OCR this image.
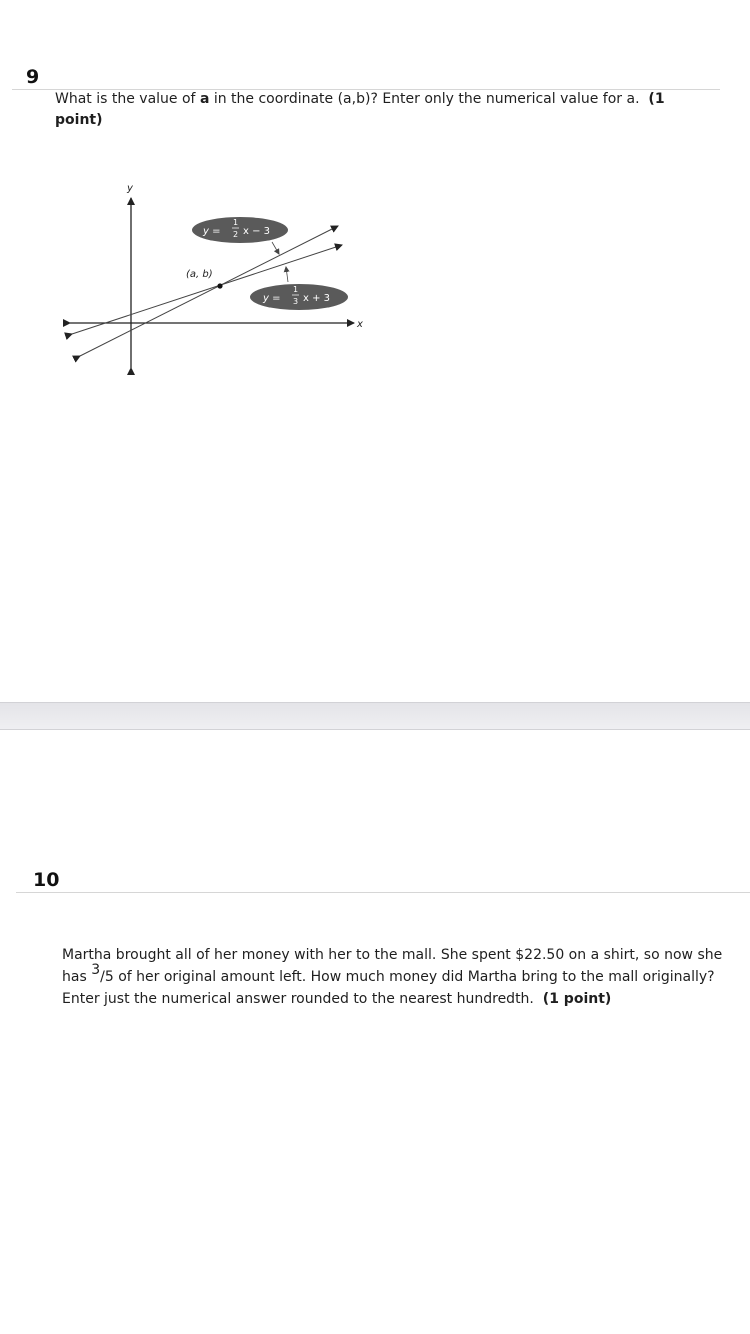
9
What is the value of a in the coordinate (a,b)? Enter only the numerical value for a. (1 point)
y
x
(a, b)
y =
1
2 x − 3
y =
1
3 x + 3
10
Martha brought all of her money with her to the mall. She spent $22.50 on a shirt, so now she has 3/5 of her original amount left. How much money did Martha bring to the mall originally? Enter just the numerical answer rounded to the nearest hundredth. (1 point)
